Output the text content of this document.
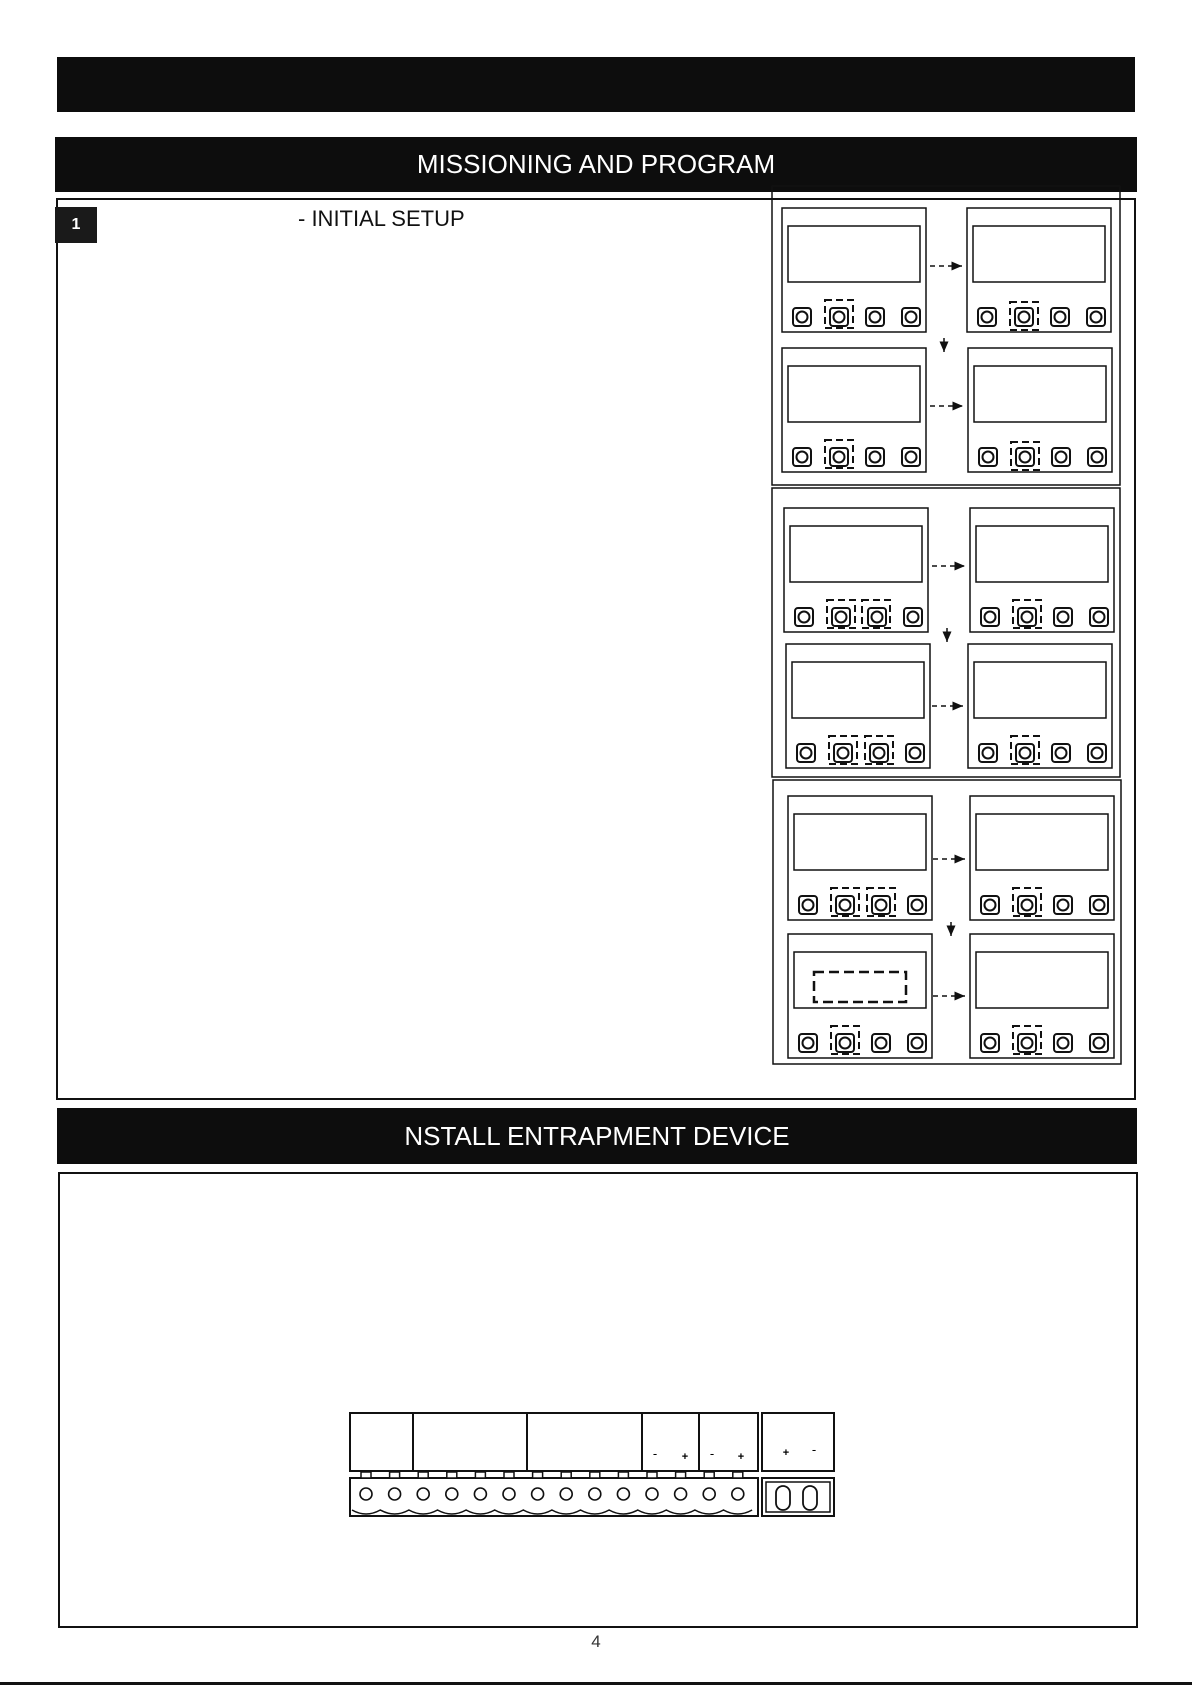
MISSIONING AND PROGRAM
1	- INITIAL SETUP
NSTALL ENTRAPMENT DEVICE
- + - +	+ -
4
